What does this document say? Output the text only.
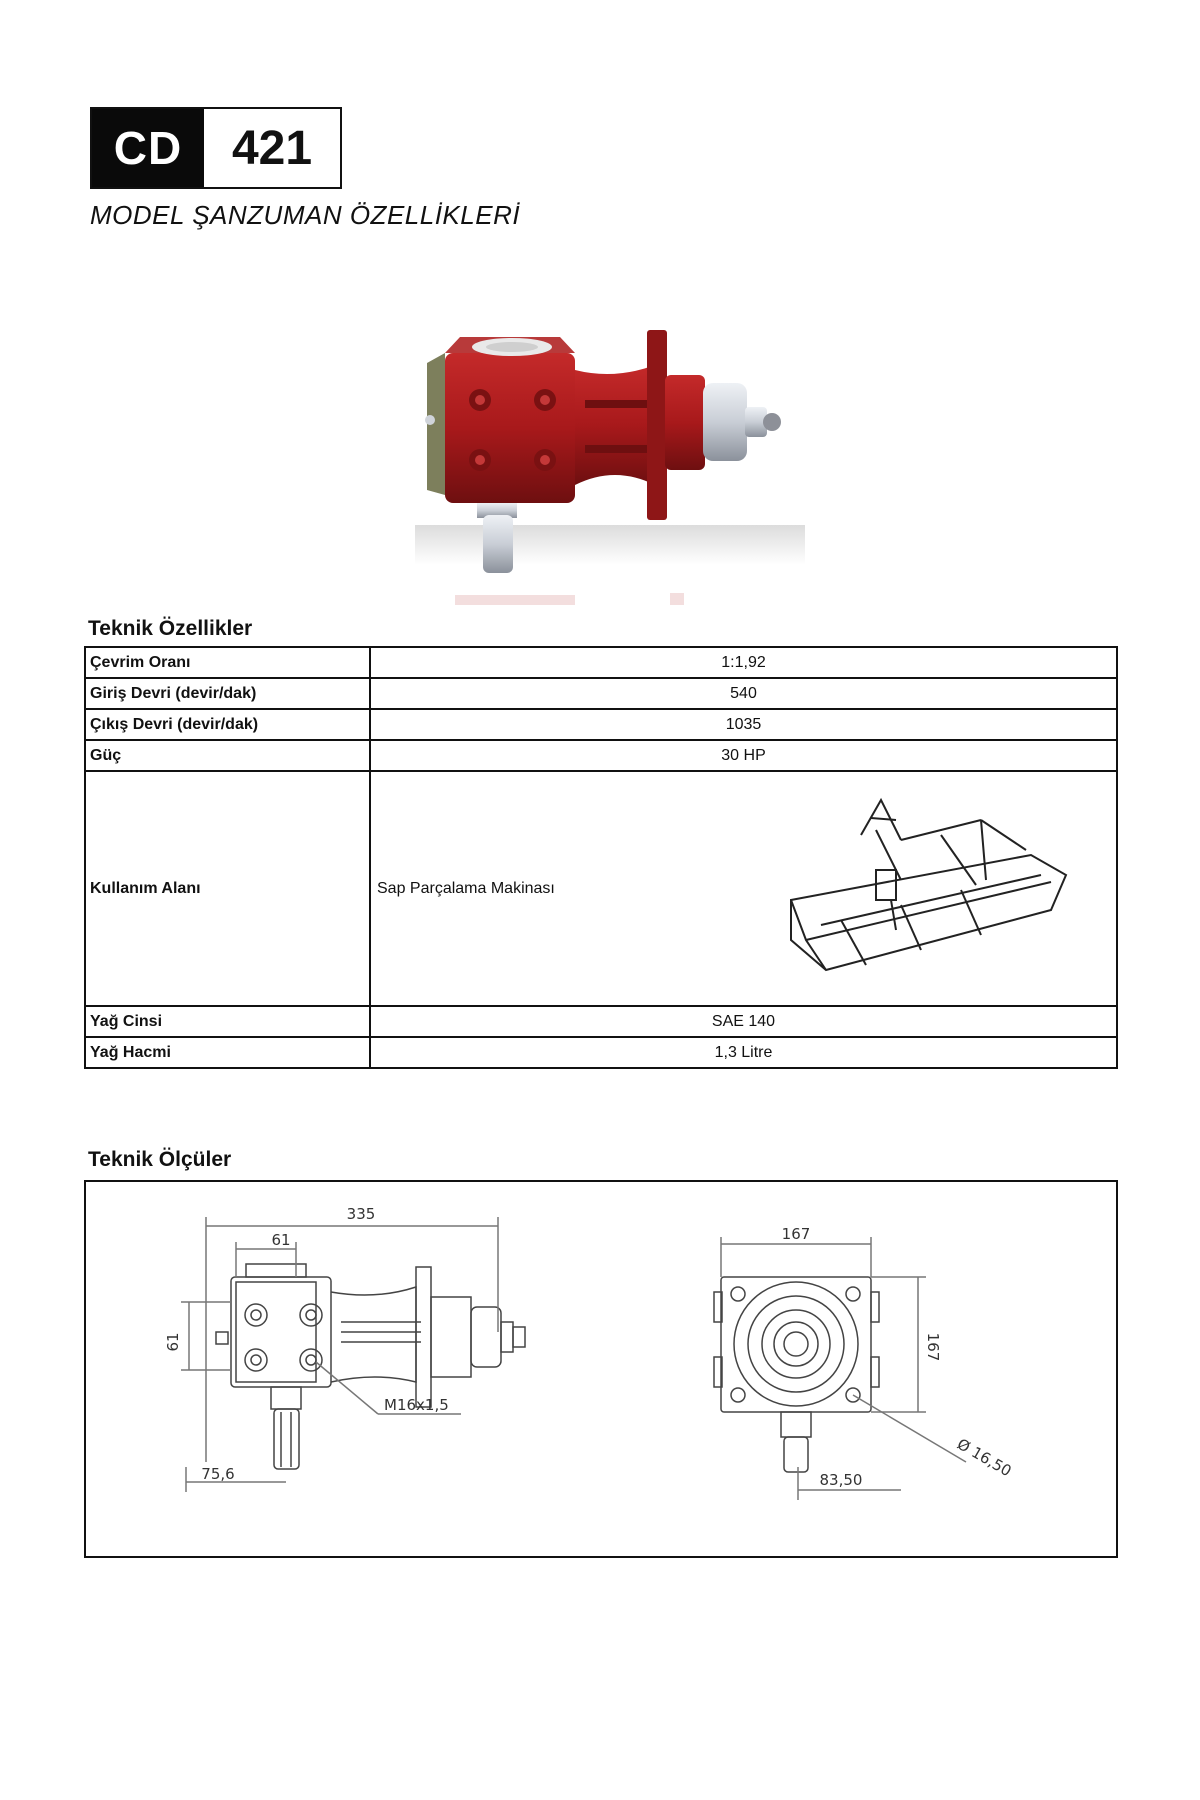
CD	421
MODEL ŞANZUMAN ÖZELLİKLERİ
Teknik Özellikler
Çevrim Oranı	1:1,92
Giriş Devri (devir/dak)	540
Çıkış Devri (devir/dak)	1035
Güç	30 HP
Kullanım Alanı	Sap Parçalama Makinası

Yağ Cinsi	SAE 140
Yağ Hacmi	1,3 Litre
Teknik Ölçüler
335
61
61
M16x1,5
75,6
167
167
Ø 16,50
83,50
